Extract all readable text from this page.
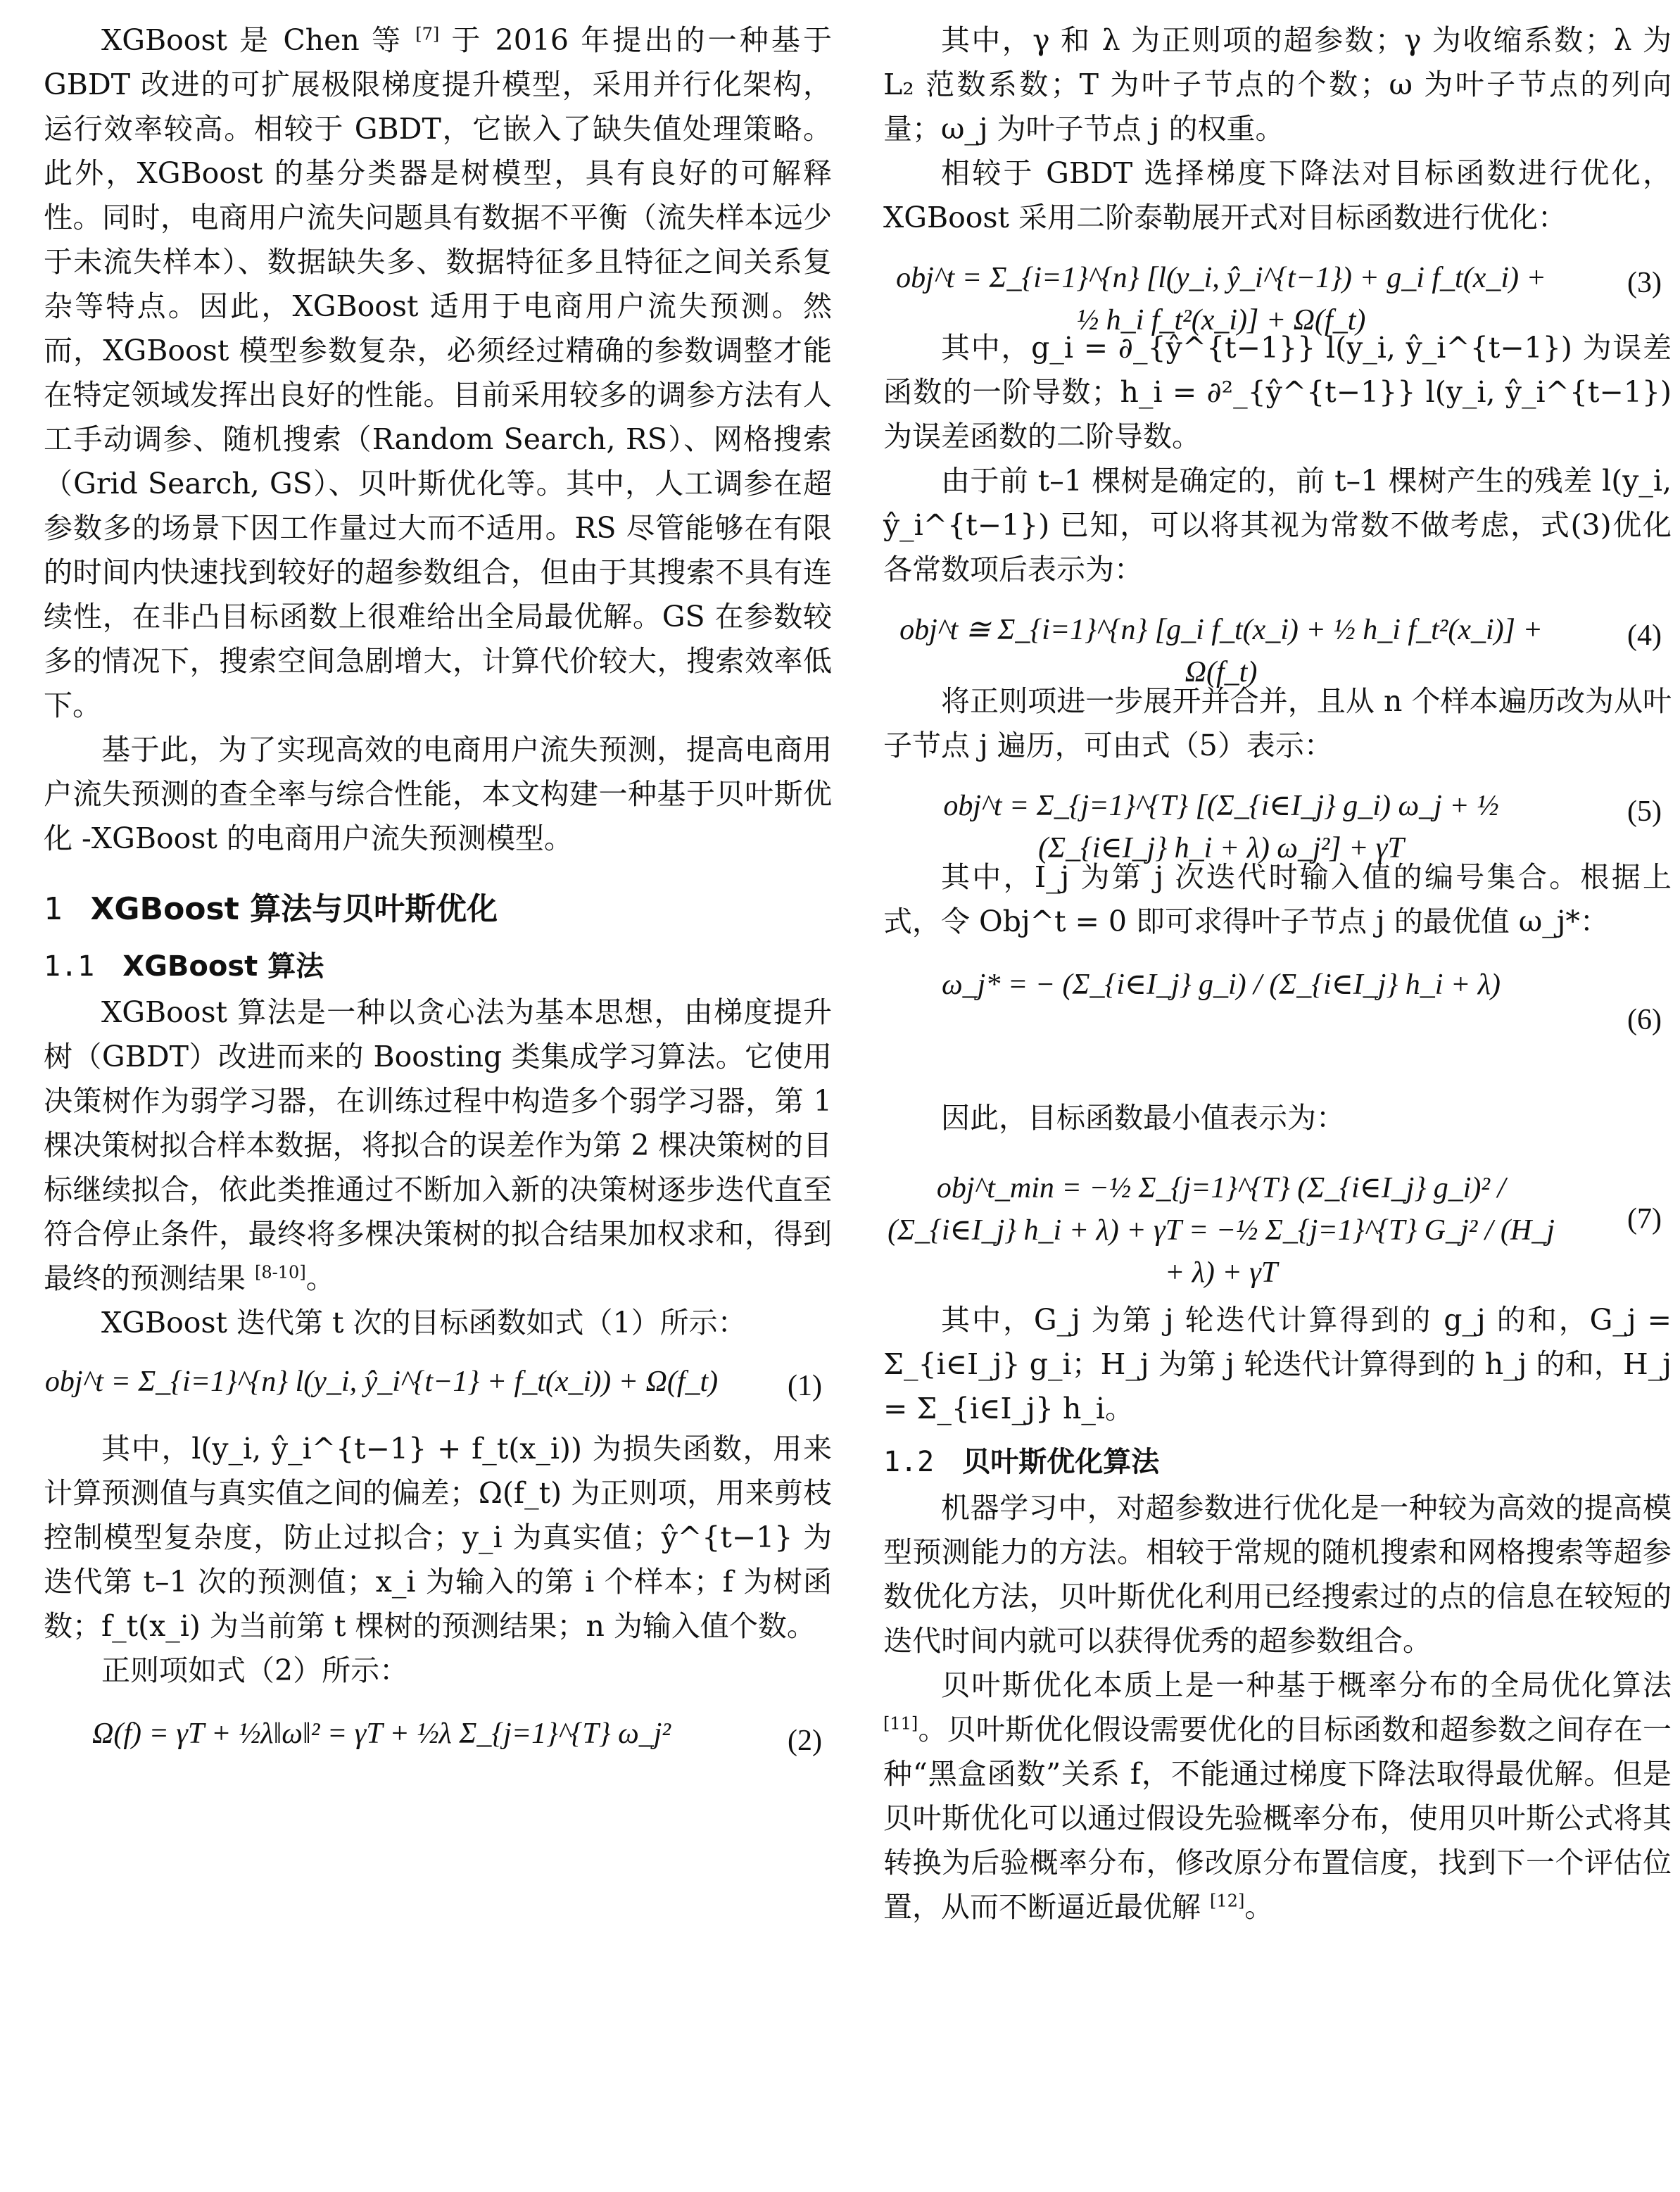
XGBoost 是 Chen 等 [7] 于 2016 年提出的一种基于 GBDT 改进的可扩展极限梯度提升模型，采用并行化架构，运行效率较高。相较于 GBDT，它嵌入了缺失值处理策略。此外，XGBoost 的基分类器是树模型，具有良好的可解释性。同时，电商用户流失问题具有数据不平衡（流失样本远少于未流失样本）、数据缺失多、数据特征多且特征之间关系复杂等特点。因此，XGBoost 适用于电商用户流失预测。然而，XGBoost 模型参数复杂，必须经过精确的参数调整才能在特定领域发挥出良好的性能。目前采用较多的调参方法有人工手动调参、随机搜索（Random Search, RS）、网格搜索（Grid Search, GS）、贝叶斯优化等。其中，人工调参在超参数多的场景下因工作量过大而不适用。RS 尽管能够在有限的时间内快速找到较好的超参数组合，但由于其搜索不具有连续性，在非凸目标函数上很难给出全局最优解。GS 在参数较多的情况下，搜索空间急剧增大，计算代价较大，搜索效率低下。

基于此，为了实现高效的电商用户流失预测，提高电商用户流失预测的查全率与综合性能，本文构建一种基于贝叶斯优化 -XGBoost 的电商用户流失预测模型。

1 XGBoost 算法与贝叶斯优化
1.1 XGBoost 算法

XGBoost 算法是一种以贪心法为基本思想，由梯度提升树（GBDT）改进而来的 Boosting 类集成学习算法。它使用决策树作为弱学习器，在训练过程中构造多个弱学习器，第 1 棵决策树拟合样本数据，将拟合的误差作为第 2 棵决策树的目标继续拟合，依此类推通过不断加入新的决策树逐步迭代直至符合停止条件，最终将多棵决策树的拟合结果加权求和，得到最终的预测结果 [8-10]。

XGBoost 迭代第 t 次的目标函数如式（1）所示：

obj^t = Σ_{i=1}^{n} l(y_i, ŷ_i^{t−1} + f_t(x_i)) + Ω(f_t) (1)

其中，l(y_i, ŷ_i^{t−1} + f_t(x_i)) 为损失函数，用来计算预测值与真实值之间的偏差；Ω(f_t) 为正则项，用来剪枝控制模型复杂度，防止过拟合；y_i 为真实值；ŷ^{t−1} 为迭代第 t–1 次的预测值；x_i 为输入的第 i 个样本；f 为树函数；f_t(x_i) 为当前第 t 棵树的预测结果；n 为输入值个数。

正则项如式（2）所示：

Ω(f) = γT + ½λ‖ω‖² = γT + ½λ Σ_{j=1}^{T} ω_j²	(2)

其中，γ 和 λ 为正则项的超参数；γ 为收缩系数；λ 为 L₂ 范数系数；T 为叶子节点的个数；ω 为叶子节点的列向量；ω_j 为叶子节点 j 的权重。

相较于 GBDT 选择梯度下降法对目标函数进行优化，XGBoost 采用二阶泰勒展开式对目标函数进行优化：

obj^t = Σ_{i=1}^{n} [l(y_i, ŷ_i^{t−1}) + g_i f_t(x_i) + ½ h_i f_t²(x_i)] + Ω(f_t)
(3)

其中，g_i = ∂_{ŷ^{t−1}} l(y_i, ŷ_i^{t−1}) 为误差函数的一阶导数；h_i = ∂²_{ŷ^{t−1}} l(y_i, ŷ_i^{t−1}) 为误差函数的二阶导数。

由于前 t–1 棵树是确定的，前 t–1 棵树产生的残差 l(y_i, ŷ_i^{t−1}) 已知，可以将其视为常数不做考虑，式(3)优化各常数项后表示为：

obj^t ≅ Σ_{i=1}^{n} [g_i f_t(x_i) + ½ h_i f_t²(x_i)] + Ω(f_t)
(4)

将正则项进一步展开并合并，且从 n 个样本遍历改为从叶子节点 j 遍历，可由式（5）表示：

obj^t = Σ_{j=1}^{T} [(Σ_{i∈I_j} g_i) ω_j + ½ (Σ_{i∈I_j} h_i + λ) ω_j²] + γT
(5)

其中，I_j 为第 j 次迭代时输入值的编号集合。根据上式，令 Obj^t = 0 即可求得叶子节点 j 的最优值 ω_j*：

ω_j* = − (Σ_{i∈I_j} g_i) / (Σ_{i∈I_j} h_i + λ)
(6)

因此，目标函数最小值表示为：

obj^t_min = −½ Σ_{j=1}^{T} (Σ_{i∈I_j} g_i)² / (Σ_{i∈I_j} h_i + λ) + γT = −½ Σ_{j=1}^{T} G_j² / (H_j + λ) + γT
(7)

其中，G_j 为第 j 轮迭代计算得到的 g_j 的和，G_j = Σ_{i∈I_j} g_i；H_j 为第 j 轮迭代计算得到的 h_j 的和，H_j = Σ_{i∈I_j} h_i。

1.2 贝叶斯优化算法

机器学习中，对超参数进行优化是一种较为高效的提高模型预测能力的方法。相较于常规的随机搜索和网格搜索等超参数优化方法，贝叶斯优化利用已经搜索过的点的信息在较短的迭代时间内就可以获得优秀的超参数组合。

贝叶斯优化本质上是一种基于概率分布的全局优化算法 [11]。贝叶斯优化假设需要优化的目标函数和超参数之间存在一种“黑盒函数”关系 f，不能通过梯度下降法取得最优解。但是贝叶斯优化可以通过假设先验概率分布，使用贝叶斯公式将其转换为后验概率分布，修改原分布置信度，找到下一个评估位置，从而不断逼近最优解 [12]。
